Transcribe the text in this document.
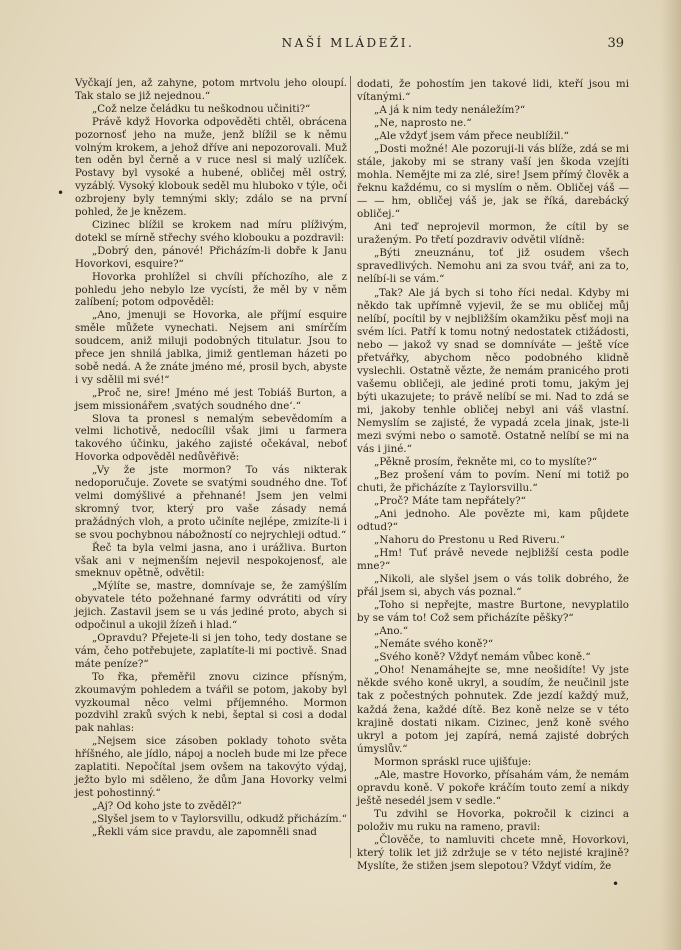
NAŠÍ MLÁDEŽI.	39

Vyčkají jen, až zahyne, potom mrtvolu jeho oloupí. Tak stalo se již nejednou.“

„Což nelze čeládku tu neškodnou učiniti?“

Právě když Hovorka odpověděti chtěl, obrácena pozornosť jeho na muže, jenž blížil se k němu volným krokem, a jehož dříve ani nepozorovali. Muž ten oděn byl černě a v ruce nesl si malý uzlíček. Postavy byl vysoké a hubené, obličej měl ostrý, vyzáblý. Vysoký klobouk seděl mu hluboko v týle, oči ozbrojeny byly temnými skly; zdálo se na první pohled, že je knězem.

Cizinec blížil se krokem nad míru plíživým, dotekl se mírně střechy svého klobouku a pozdravil:

„Dobrý den, pánové! Přicházím-li dobře k Janu Hovorkovi, esquire?“

Hovorka prohlížel si chvíli příchozího, ale z pohledu jeho nebylo lze vycísti, že měl by v něm zalíbení; potom odpověděl:

„Ano, jmenuji se Hovorka, ale příjmí esquire směle můžete vynechati. Nejsem ani smírčím soudcem, aniž miluji podobných titulatur. Jsou to přece jen shnilá jablka, jimiž gentleman házeti po sobě nedá. A že znáte jméno mé, prosil bych, abyste i vy sdělil mi své!“

„Proč ne, sire! Jméno mé jest Tobiáš Burton, a jsem missionářem ‚svatých soudného dne‘.“

Slova ta pronesl s nemalým sebevědomím a velmi lichotivě, nedocílil však jimi u farmera takového účinku, jakého zajisté očekával, neboť Hovorka odpověděl nedůvěřivě:

„Vy že jste mormon? To vás nikterak nedoporučuje. Zovete se svatými soudného dne. Toť velmi domýšlivé a přehnané! Jsem jen velmi skromný tvor, který pro vaše zásady nemá pražádných vloh, a proto učiníte nejlépe, zmizíte-li i se svou pochybnou nábožností co nejrychleji odtud.“

Řeč ta byla velmi jasna, ano i urážliva. Burton však ani v nejmenším nejevil nespokojenosť, ale smeknuv opětně, odvětil:

„Mýlíte se, mastre, domnívaje se, že zamýšlím obyvatele této požehnané farmy odvrátiti od víry jejich. Zastavil jsem se u vás jediné proto, abych si odpočinul a ukojil žízeň i hlad.“

„Opravdu? Přejete-li si jen toho, tedy dostane se vám, čeho potřebujete, zaplatíte-li mi poctivě. Snad máte peníze?“

To řka, přeměřil znovu cizince přísným, zkoumavým pohledem a tvářil se potom, jakoby byl vyzkoumal něco velmi příjemného. Mormon pozdvihl zraků svých k nebi, šeptal si cosi a dodal pak nahlas:

„Nejsem sice zásoben poklady tohoto světa hříšného, ale jídlo, nápoj a nocleh bude mi lze přece zaplatiti. Nepočítal jsem ovšem na takovýto výdaj, ježto bylo mi sděleno, že dům Jana Hovorky velmi jest pohostinný.“

„Aj? Od koho jste to zvěděl?“

„Slyšel jsem to v Taylorsvillu, odkudž přicházím.“

„Řekli vám sice pravdu, ale zapomněli snad

dodati, že pohostím jen takové lidi, kteří jsou mi vítanými.“

„A já k nim tedy nenáležím?“

„Ne, naprosto ne.“

„Ale vždyť jsem vám přece neublížil.“

„Dosti možné! Ale pozoruji-li vás blíže, zdá se mi stále, jakoby mi se strany vaší jen škoda vzejíti mohla. Nemějte mi za zlé, sire! Jsem přímý člověk a řeknu každému, co si myslím o něm. Obličej váš — — — hm, obličej váš je, jak se říká, darebácký obličej.“

Ani teď neprojevil mormon, že cítil by se uraženým. Po třetí pozdraviv odvětil vlídně:

„Býti zneuznánu, toť již osudem všech spravedlivých. Nemohu ani za svou tvář, ani za to, nelíbí-li se vám.“

„Tak? Ale já bych si toho říci nedal. Kdyby mi někdo tak upřímně vyjevil, že se mu obličej můj nelíbí, pocítil by v nejbližším okamžiku pěsť moji na svém líci. Patří k tomu notný nedostatek ctižádosti, nebo — jakož vy snad se domníváte — ještě více přetvářky, abychom něco podobného klidně vyslechli. Ostatně vězte, že nemám pranicého proti vašemu obličeji, ale jediné proti tomu, jakým jej býti ukazujete; to právě nelíbí se mi. Nad to zdá se mi, jakoby tenhle obličej nebyl ani váš vlastní. Nemyslím se zajisté, že vypadá zcela jinak, jste-li mezi svými nebo o samotě. Ostatně nelíbí se mi na vás i jiné.“

„Pěkně prosím, řekněte mi, co to myslíte?“

„Bez prošení vám to povím. Není mi totiž po chuti, že přicházíte z Taylorsvillu.“

„Proč? Máte tam nepřátely?“

„Ani jednoho. Ale povězte mi, kam půjdete odtud?“

„Nahoru do Prestonu u Red Riveru.“

„Hm! Tuť právě nevede nejbližší cesta podle mne?“

„Nikoli, ale slyšel jsem o vás tolik dobrého, že přál jsem si, abych vás poznal.“

„Toho si nepřejte, mastre Burtone, nevyplatilo by se vám to! Což sem přicházíte pěšky?“

„Ano.“

„Nemáte svého koně?“

„Svého koně? Vždyť nemám vůbec koně.“

„Oho! Nenamáhejte se, mne neošidíte! Vy jste někde svého koně ukryl, a soudím, že neučinil jste tak z počestných pohnutek. Zde jezdí každý muž, každá žena, každé dítě. Bez koně nelze se v této krajině dostati nikam. Cizinec, jenž koně svého ukryl a potom jej zapírá, nemá zajisté dobrých úmyslův.“

Mormon spráskl ruce ujišťuje:

„Ale, mastre Hovorko, přísahám vám, že nemám opravdu koně. V pokoře kráčím touto zemí a nikdy ještě nesedél jsem v sedle.“

Tu zdvihl se Hovorka, pokročil k cizinci a položiv mu ruku na rameno, pravil:

„Člověče, to namluviti chcete mně, Hovorkovi, který tolik let již zdržuje se v této nejisté krajině? Myslíte, že stižen jsem slepotou? Vždyť vidím, že

•
•
